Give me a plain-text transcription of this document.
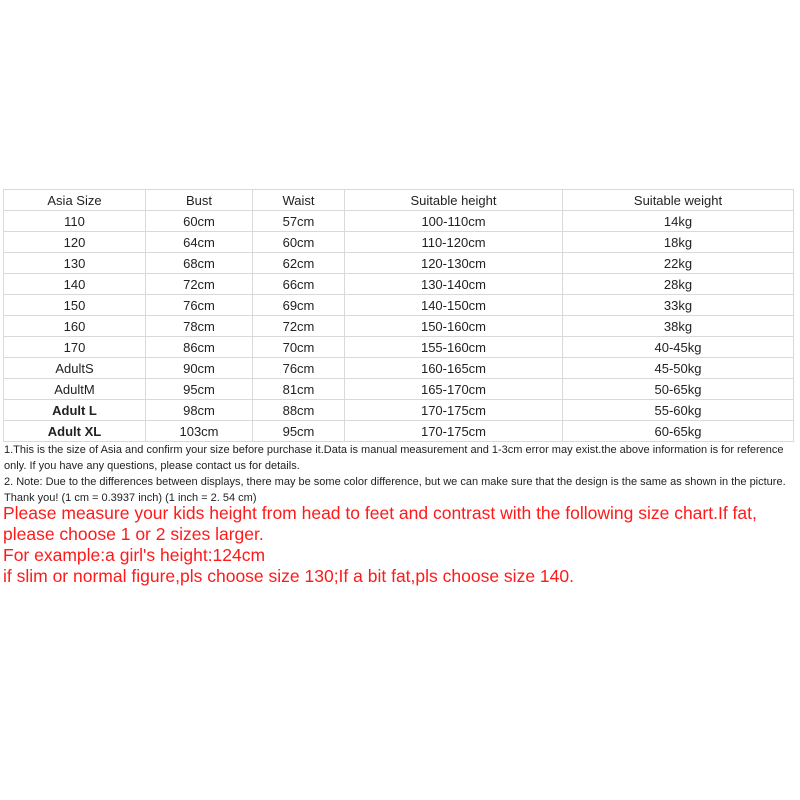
Asia Size	Bust	Waist	Suitable height	Suitable weight
110	60cm	57cm	100-110cm	14kg
120	64cm	60cm	110-120cm	18kg
130	68cm	62cm	120-130cm	22kg
140	72cm	66cm	130-140cm	28kg
150	76cm	69cm	140-150cm	33kg
160	78cm	72cm	150-160cm	38kg
170	86cm	70cm	155-160cm	40-45kg
AdultS	90cm	76cm	160-165cm	45-50kg
AdultM	95cm	81cm	165-170cm	50-65kg
Adult L	98cm	88cm	170-175cm	55-60kg
Adult XL	103cm	95cm	170-175cm	60-65kg

1.This is the size of Asia and confirm your size before purchase it.Data is manual measurement and 1-3cm error may exist.the above information is for reference only. If you have any questions, please contact us for details.

2. Note: Due to the differences between displays, there may be some color difference, but we can make sure that the design is the same as shown in the picture. Thank you! (1 cm = 0.3937 inch) (1 inch = 2. 54 cm)

Please measure your kids height from head to feet and contrast with the following size chart.If fat, please choose 1 or 2 sizes larger.

For example:a girl's height:124cm

if slim or normal figure,pls choose size 130;If a bit fat,pls choose size 140.
